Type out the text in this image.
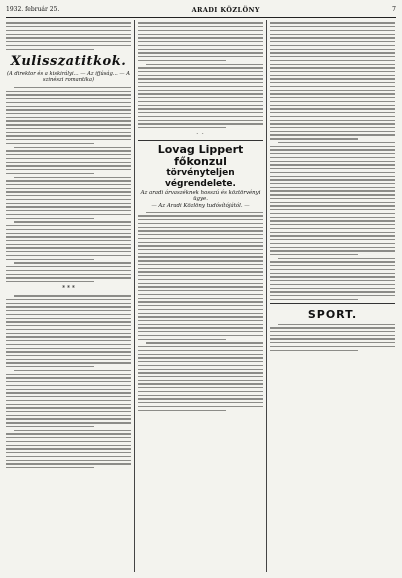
1932. február 25.	ARADI KÖZLÖNY	7
Xulisszatitkok.
(A direktor és a kiskirályi... — Az ifjúság... — A szinészi romantika)
* * *
- -
Lovag Lippert főkonzul
törvényteljen végrendelete.
Az aradi árvaszéknek hosszú és köztörvényi ügye.
— Az Aradi Közlöny tudósítójától. —
SPORT.
